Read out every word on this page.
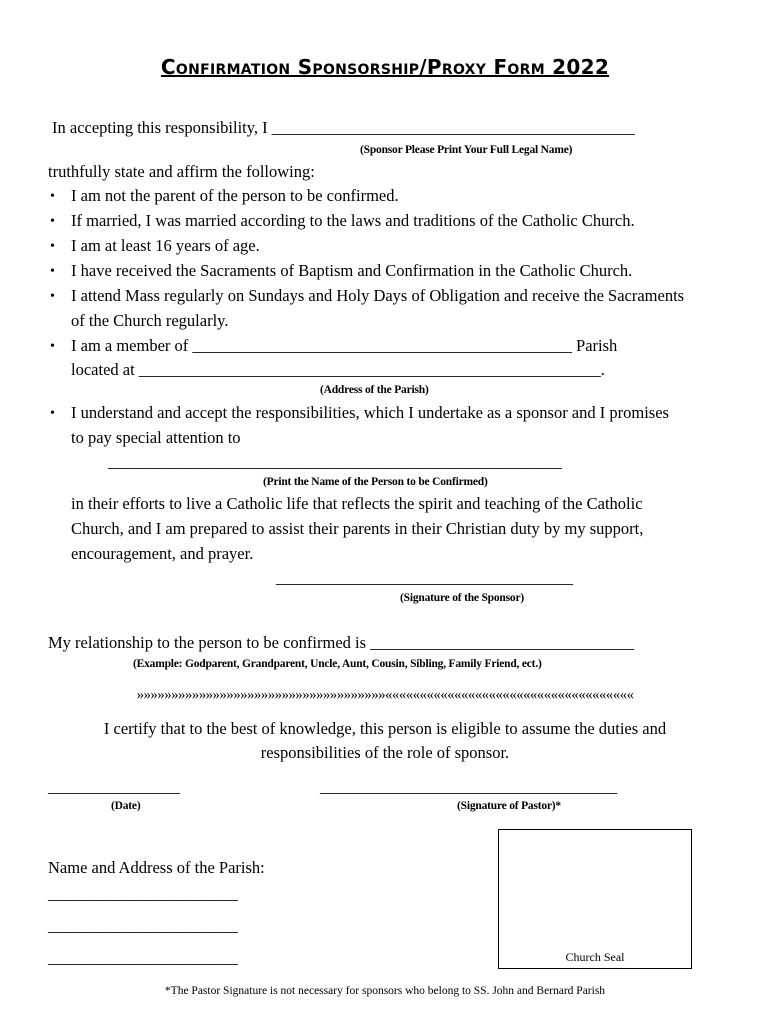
Confirmation Sponsorship/Proxy Form 2022
In accepting this responsibility, I ____________________________________________
(Sponsor Please Print Your Full Legal Name)
truthfully state and affirm the following:
• I am not the parent of the person to be confirmed.
• If married, I was married according to the laws and traditions of the Catholic Church.
• I am at least 16 years of age.
• I have received the Sacraments of Baptism and Confirmation in the Catholic Church.
• I attend Mass regularly on Sundays and Holy Days of Obligation and receive the Sacraments
of the Church regularly.
• I am a member of ______________________________________________ Parish
located at ________________________________________________________.
(Address of the Parish)
• I understand and accept the responsibilities, which I undertake as a sponsor and I promises
to pay special attention to
_______________________________________________________
(Print the Name of the Person to be Confirmed)
in their efforts to live a Catholic life that reflects the spirit and teaching of the Catholic
Church, and I am prepared to assist their parents in their Christian duty by my support,
encouragement, and prayer.
____________________________________
(Signature of the Sponsor)
My relationship to the person to be confirmed is ________________________________
(Example: Godparent, Grandparent, Uncle, Aunt, Cousin, Sibling, Family Friend, ect.)
»»»»»»»»»»»»»»»»»»»»»»»»»»»»»»»»»»»»««««««««««««««««««««««««««««««««««««
I certify that to the best of knowledge, this person is eligible to assume the duties and
responsibilities of the role of sponsor.
________________
(Date)
____________________________________
(Signature of Pastor)*
Name and Address of the Parish:
_______________________
_______________________
_______________________	Church Seal
*The Pastor Signature is not necessary for sponsors who belong to SS. John and Bernard Parish
